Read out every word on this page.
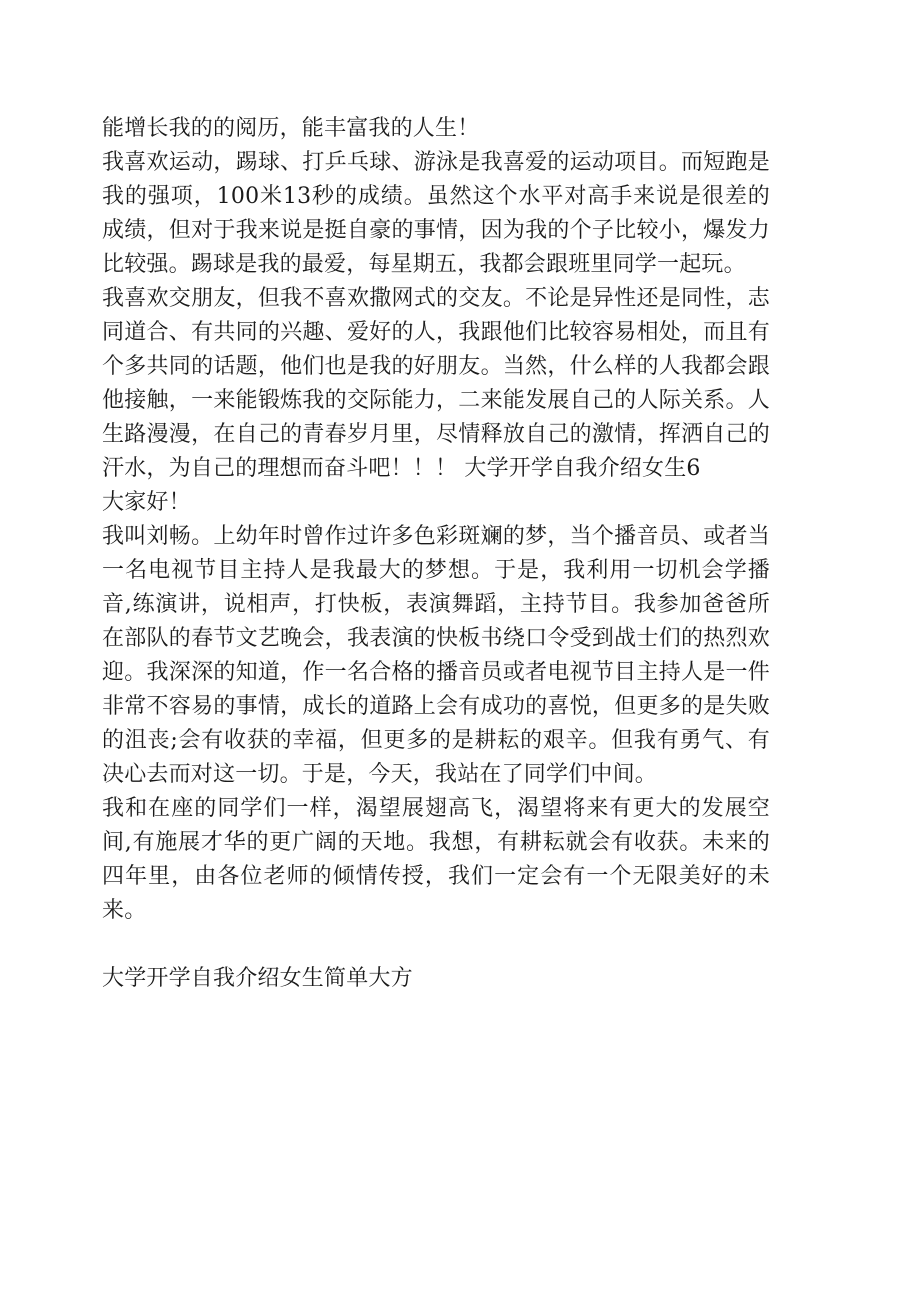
能增长我的的阅历，能丰富我的人生！

我喜欢运动，踢球、打乒乓球、游泳是我喜爱的运动项目。而短跑是我的强项，100米13秒的成绩。虽然这个水平对高手来说是很差的成绩，但对于我来说是挺自豪的事情，因为我的个子比较小，爆发力比较强。踢球是我的最爱，每星期五，我都会跟班里同学一起玩。

我喜欢交朋友，但我不喜欢撒网式的交友。不论是异性还是同性，志同道合、有共同的兴趣、爱好的人，我跟他们比较容易相处，而且有个多共同的话题，他们也是我的好朋友。当然，什么样的人我都会跟他接触，一来能锻炼我的交际能力，二来能发展自己的人际关系。人生路漫漫，在自己的青春岁月里，尽情释放自己的激情，挥洒自己的汗水，为自己的理想而奋斗吧！！！ 大学开学自我介绍女生6

大家好！

我叫刘畅。上幼年时曾作过许多色彩斑斓的梦，当个播音员、或者当一名电视节目主持人是我最大的梦想。于是，我利用一切机会学播音,练演讲，说相声，打快板，表演舞蹈，主持节目。我参加爸爸所在部队的春节文艺晚会，我表演的快板书绕口令受到战士们的热烈欢迎。我深深的知道，作一名合格的播音员或者电视节目主持人是一件非常不容易的事情，成长的道路上会有成功的喜悦，但更多的是失败的沮丧;会有收获的幸福，但更多的是耕耘的艰辛。但我有勇气、有决心去而对这一切。于是，今天，我站在了同学们中间。

我和在座的同学们一样，渴望展翅高飞，渴望将来有更大的发展空间,有施展才华的更广阔的天地。我想，有耕耘就会有收获。未来的四年里，由各位老师的倾情传授，我们一定会有一个无限美好的未来。

大学开学自我介绍女生简单大方
